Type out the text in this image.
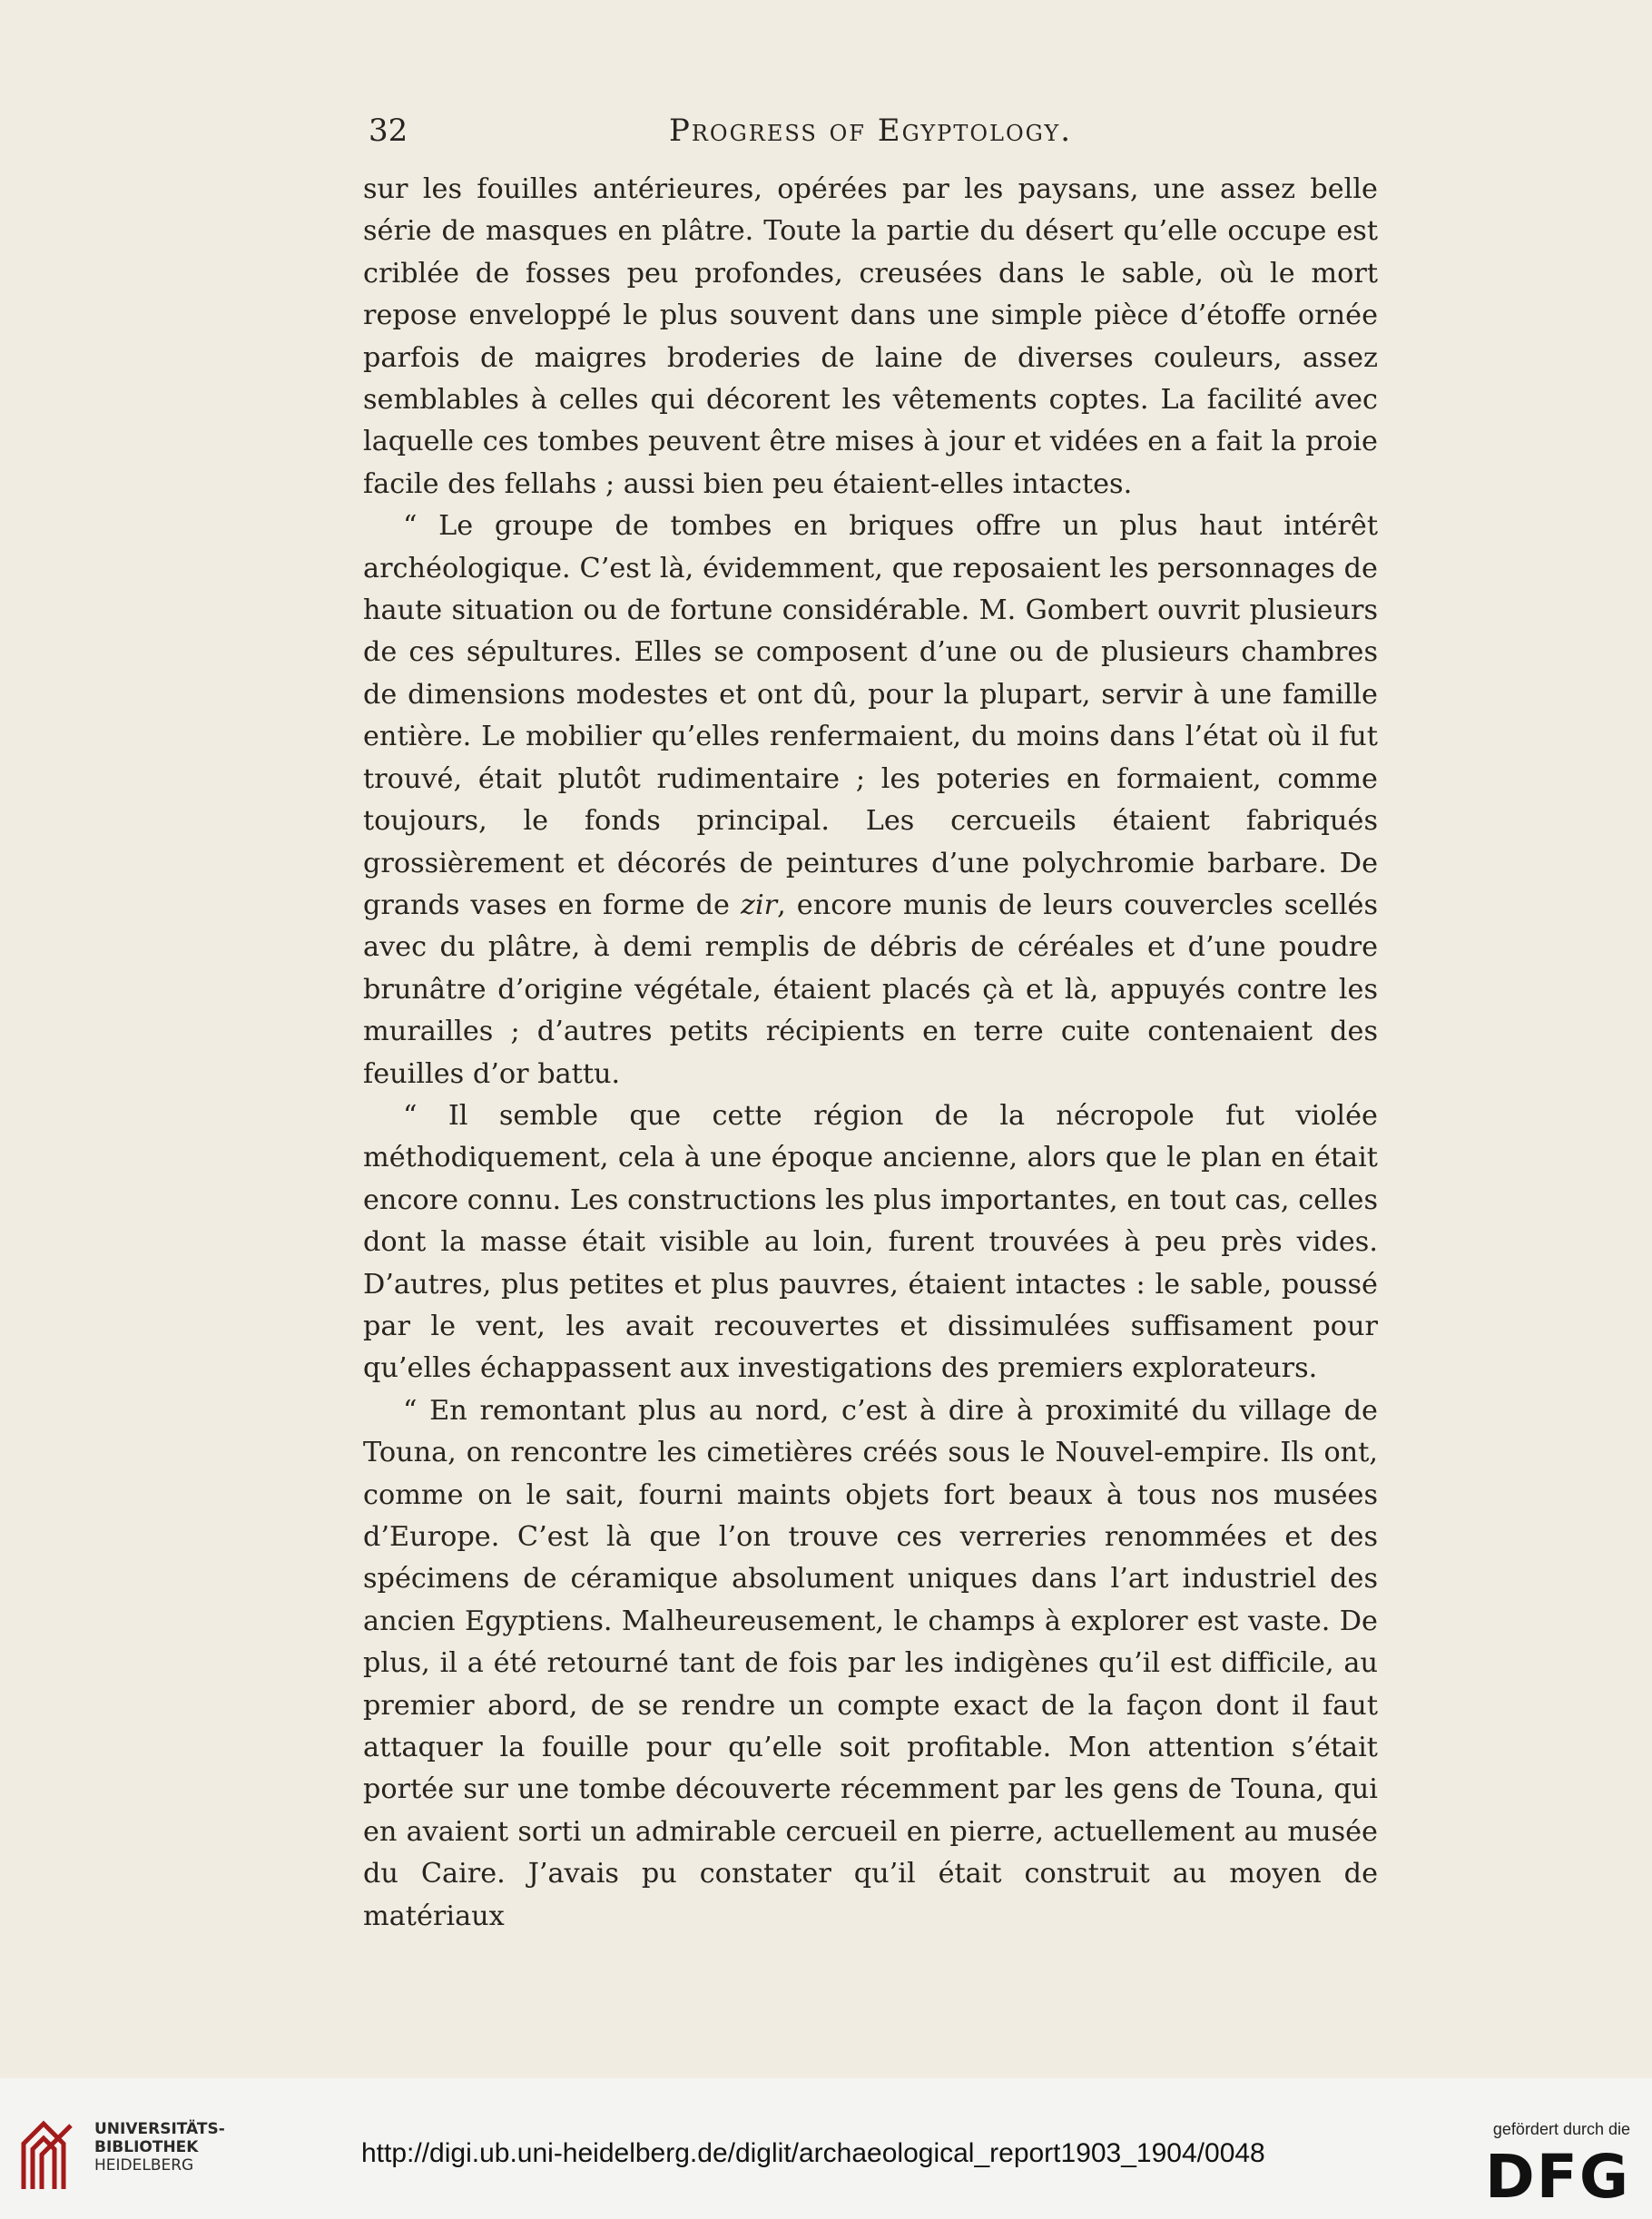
32	Progress of Egyptology.

sur les fouilles antérieures, opérées par les paysans, une assez belle série de masques en plâtre. Toute la partie du désert qu’elle occupe est criblée de fosses peu profondes, creusées dans le sable, où le mort repose enveloppé le plus souvent dans une simple pièce d’étoffe ornée parfois de maigres broderies de laine de diverses couleurs, assez semblables à celles qui décorent les vêtements coptes. La facilité avec laquelle ces tombes peuvent être mises à jour et vidées en a fait la proie facile des fellahs ; aussi bien peu étaient-elles intactes.

“ Le groupe de tombes en briques offre un plus haut intérêt archéologique. C’est là, évidemment, que reposaient les personnages de haute situation ou de fortune considérable. M. Gombert ouvrit plusieurs de ces sépultures. Elles se composent d’une ou de plusieurs chambres de dimensions modestes et ont dû, pour la plupart, servir à une famille entière. Le mobilier qu’elles renfermaient, du moins dans l’état où il fut trouvé, était plutôt rudimentaire ; les poteries en formaient, comme toujours, le fonds principal. Les cercueils étaient fabriqués grossièrement et décorés de peintures d’une polychromie barbare. De grands vases en forme de zir, encore munis de leurs couvercles scellés avec du plâtre, à demi remplis de débris de céréales et d’une poudre brunâtre d’origine végétale, étaient placés çà et là, appuyés contre les murailles ; d’autres petits récipients en terre cuite contenaient des feuilles d’or battu.

“ Il semble que cette région de la nécropole fut violée méthodiquement, cela à une époque ancienne, alors que le plan en était encore connu. Les constructions les plus importantes, en tout cas, celles dont la masse était visible au loin, furent trouvées à peu près vides. D’autres, plus petites et plus pauvres, étaient intactes : le sable, poussé par le vent, les avait recouvertes et dissimulées suffisament pour qu’elles échappassent aux investigations des premiers explorateurs.

“ En remontant plus au nord, c’est à dire à proximité du village de Touna, on rencontre les cimetières créés sous le Nouvel-empire. Ils ont, comme on le sait, fourni maints objets fort beaux à tous nos musées d’Europe. C’est là que l’on trouve ces verreries renommées et des spécimens de céramique absolument uniques dans l’art industriel des ancien Egyptiens. Malheureusement, le champs à explorer est vaste. De plus, il a été retourné tant de fois par les indigènes qu’il est difficile, au premier abord, de se rendre un compte exact de la façon dont il faut attaquer la fouille pour qu’elle soit profitable. Mon attention s’était portée sur une tombe découverte récemment par les gens de Touna, qui en avaient sorti un admirable cercueil en pierre, actuellement au musée du Caire. J’avais pu constater qu’il était construit au moyen de matériaux

UNIVERSITÄTS-
BIBLIOTHEK
HEIDELBERG	http://digi.ub.uni-heidelberg.de/diglit/archaeological_report1903_1904/0048
gefördert durch die
DFG
